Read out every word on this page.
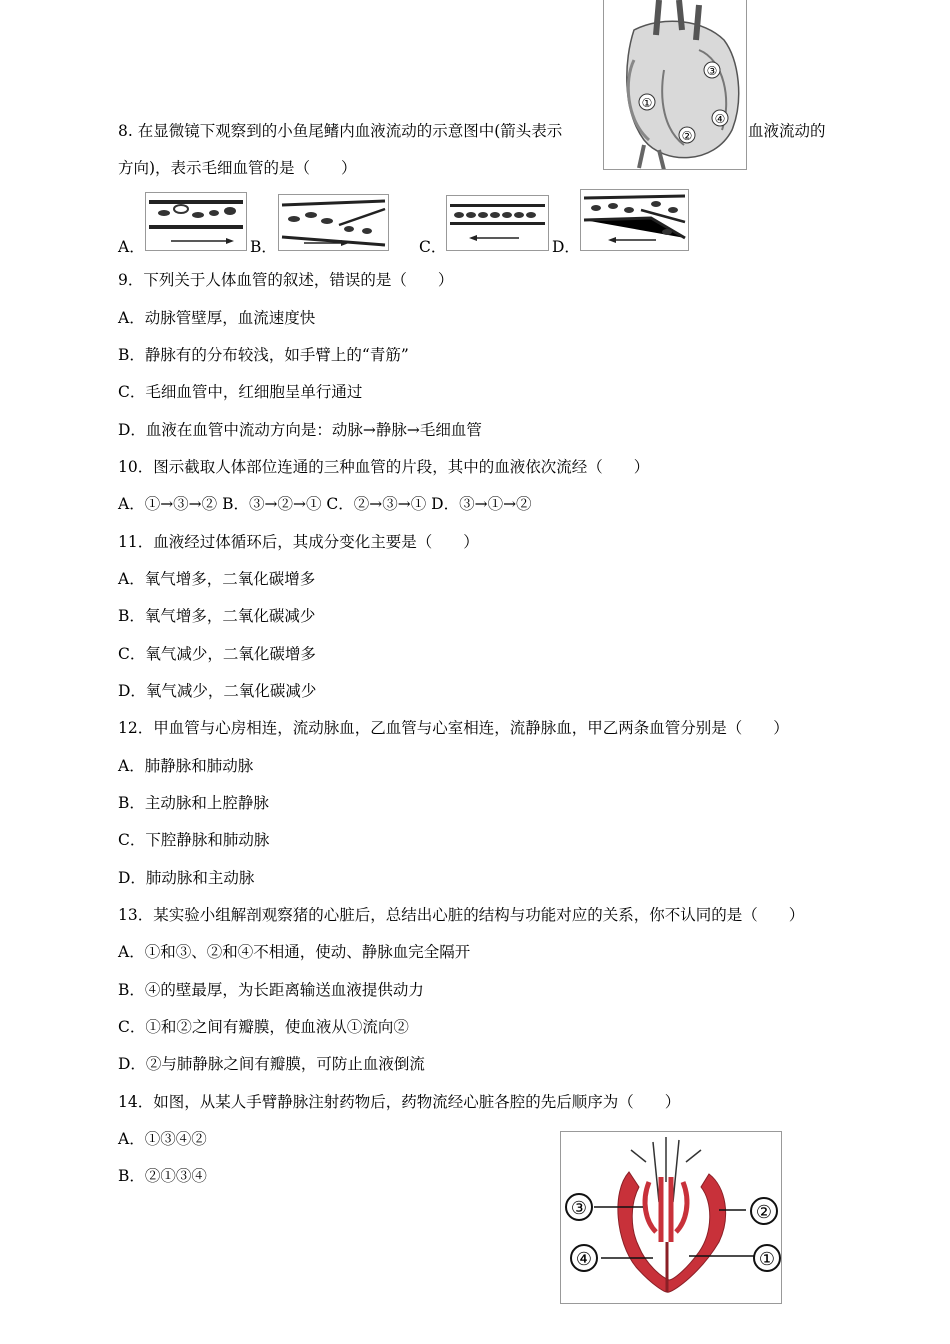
①
②
③
④
8. 在显微镜下观察到的小鱼尾鳍内血液流动的示意图中(箭头表示	血液流动的
方向)，表示毛细血管的是（　　）
A．	B．	C．	D．
9．下列关于人体血管的叙述，错误的是（　　）
A．动脉管壁厚，血流速度快
B．静脉有的分布较浅，如手臂上的“青筋”
C．毛细血管中，红细胞呈单行通过
D．血液在血管中流动方向是：动脉→静脉→毛细血管
10．图示截取人体部位连通的三种血管的片段，其中的血液依次流经（　　）
A．①→③→② B．③→②→① C．②→③→① D．③→①→②
11．血液经过体循环后，其成分变化主要是（　　）
A．氧气增多，二氧化碳增多
B．氧气增多，二氧化碳减少
C．氧气减少，二氧化碳增多
D．氧气减少，二氧化碳减少
12．甲血管与心房相连，流动脉血，乙血管与心室相连，流静脉血，甲乙两条血管分别是（　　）
A．肺静脉和肺动脉
B．主动脉和上腔静脉
C．下腔静脉和肺动脉
D．肺动脉和主动脉
13．某实验小组解剖观察猪的心脏后，总结出心脏的结构与功能对应的关系，你不认同的是（　　）
A．①和③、②和④不相通，使动、静脉血完全隔开
B．④的壁最厚，为长距离输送血液提供动力
C．①和②之间有瓣膜，使血液从①流向②
D．②与肺静脉之间有瓣膜，可防止血液倒流
14．如图，从某人手臂静脉注射药物后，药物流经心脏各腔的先后顺序为（　　）
A．①③④②
B．②①③④
③	②
④	①
